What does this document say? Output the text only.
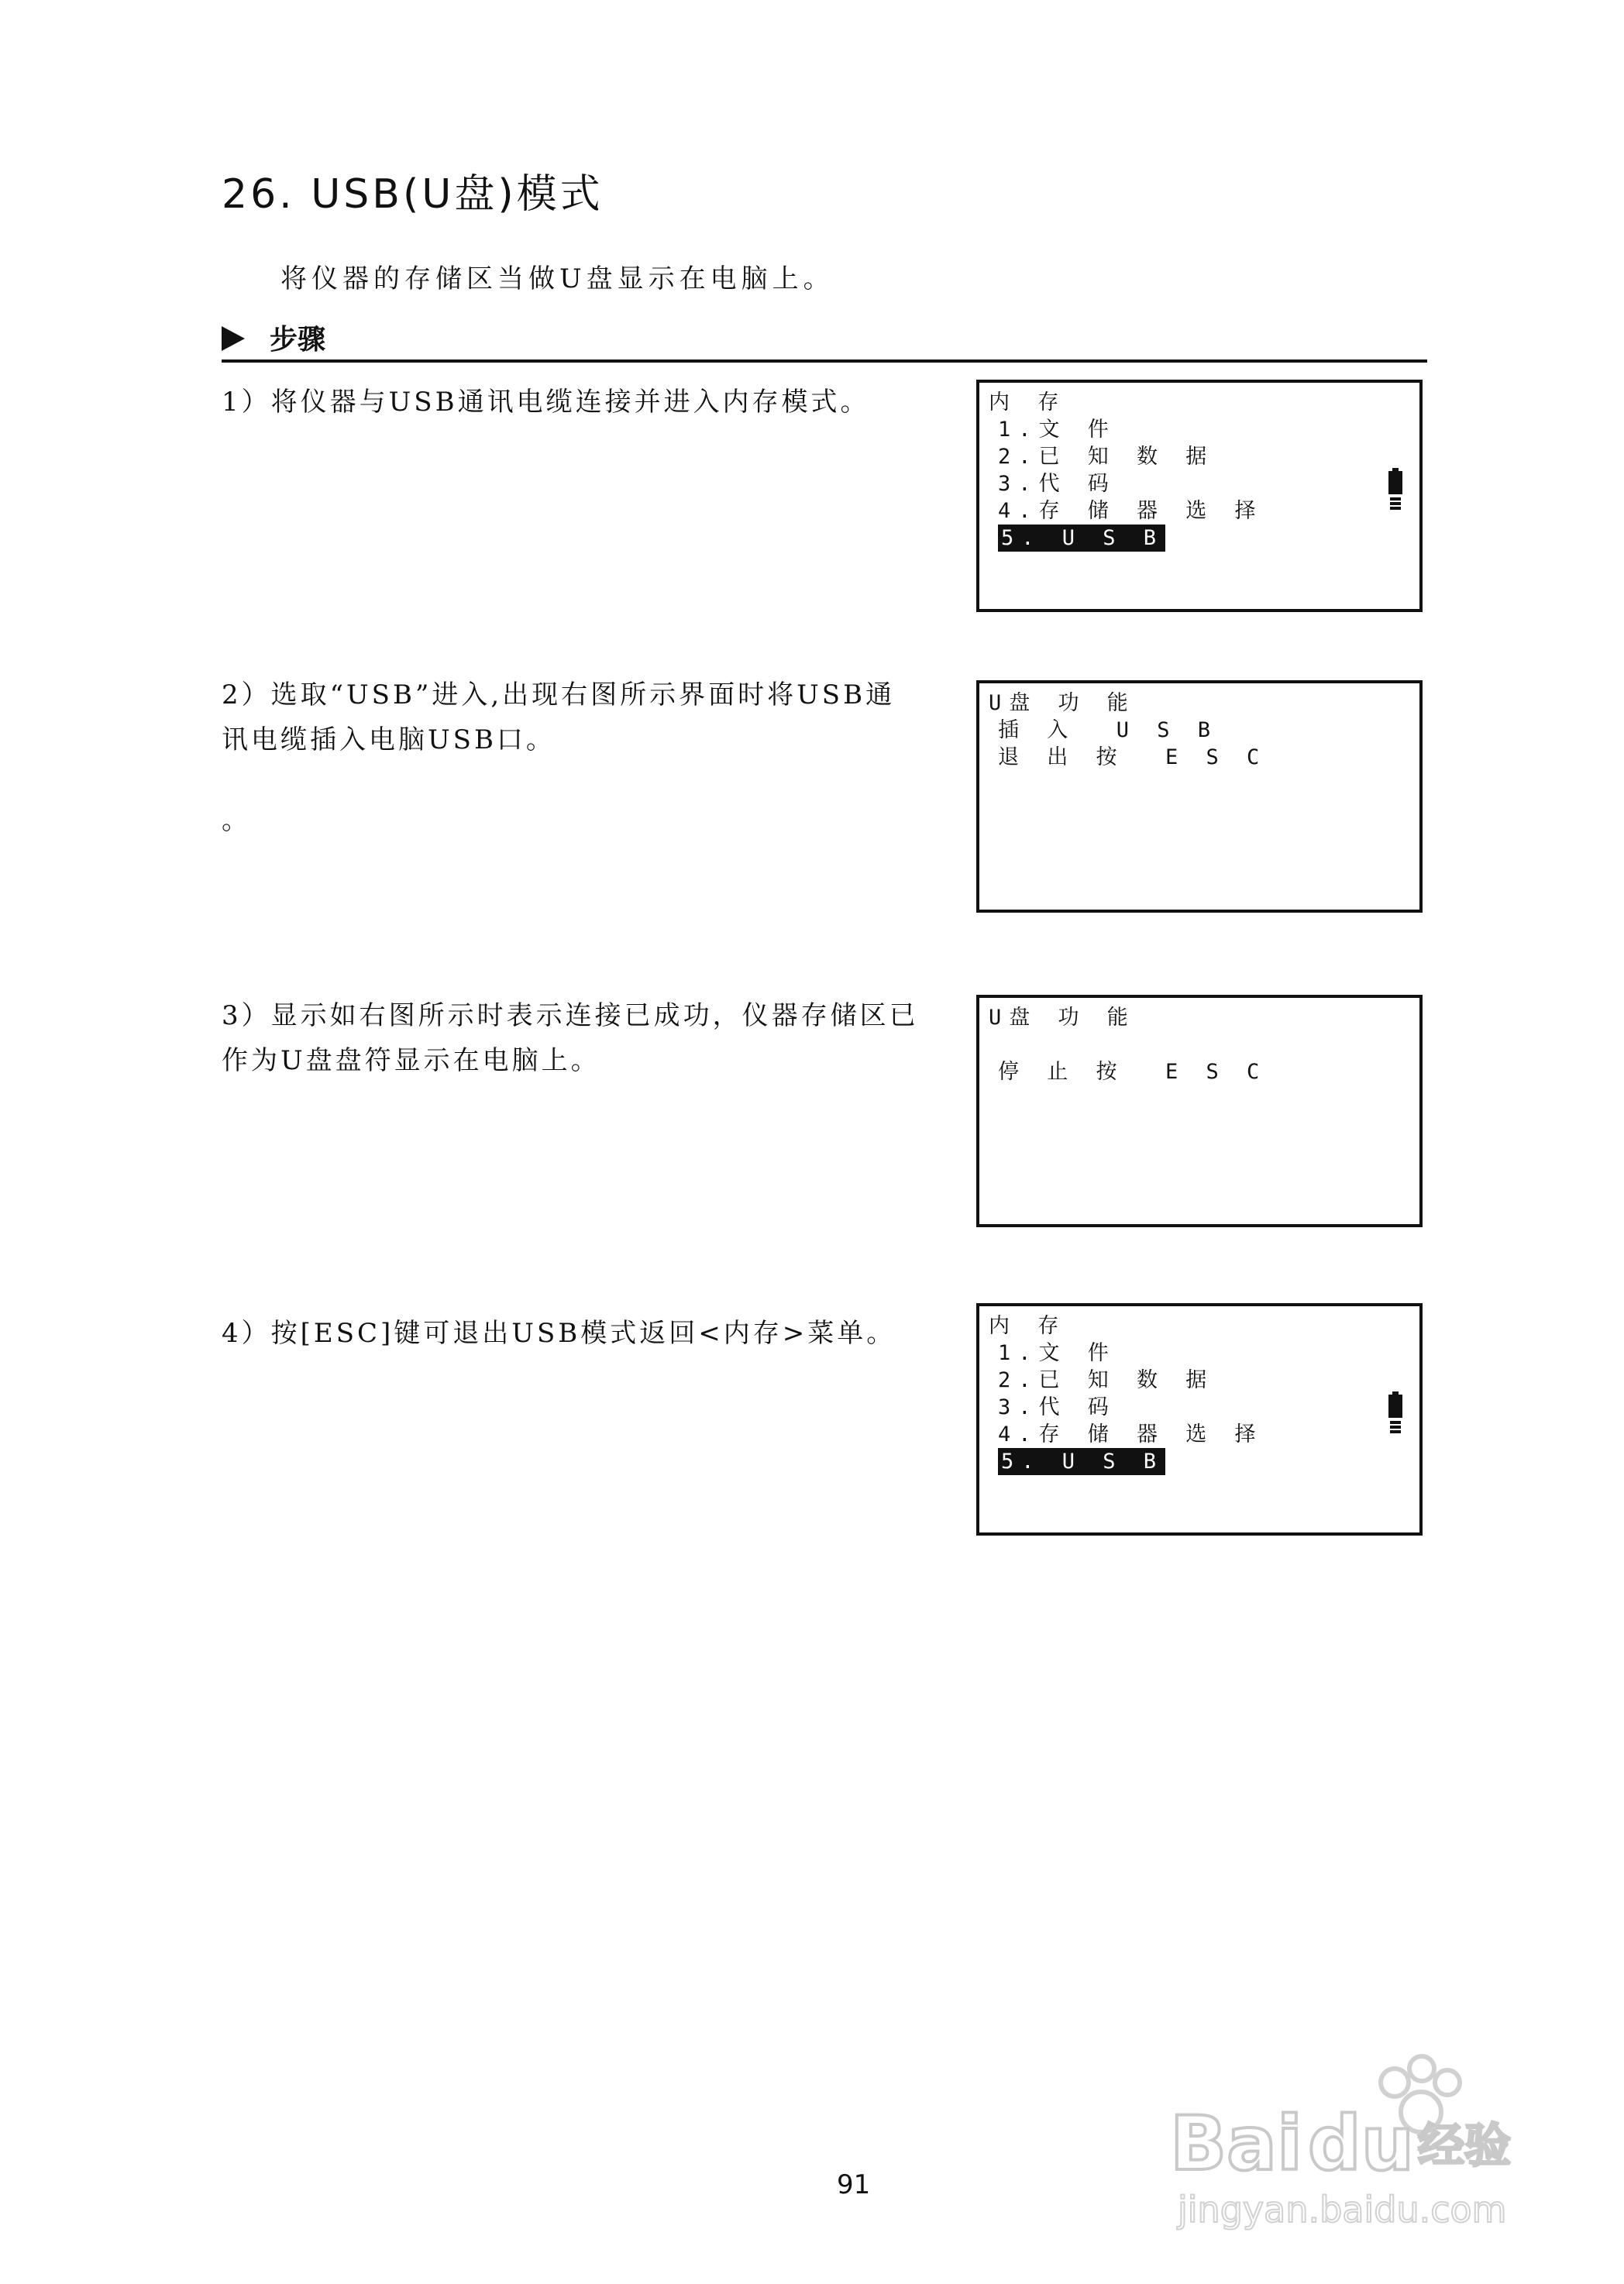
26. USB(U盘)模式

将仪器的存储区当做U盘显示在电脑上。

步骤

1）将仪器与USB通讯电缆连接并进入内存模式。	内 存
1.文 件
2.已 知 数 据
3.代 码
4.存 储 器 选 择
5. U S B

2）选取“USB”进入,出现右图所示界面时将USB通讯电缆插入电脑USB口。

。

U盘 功 能
插 入  U S B
退 出 按  E S C

3）显示如右图所示时表示连接已成功，仪器存储区已作为U盘盘符显示在电脑上。

U盘 功 能
停 止 按  E S C

4）按[ESC]键可退出USB模式返回<内存>菜单。	内 存
1.文 件
2.已 知 数 据
3.代 码
4.存 储 器 选 择
5. U S B
91	Bai du 经验
jingyan.baidu.com
